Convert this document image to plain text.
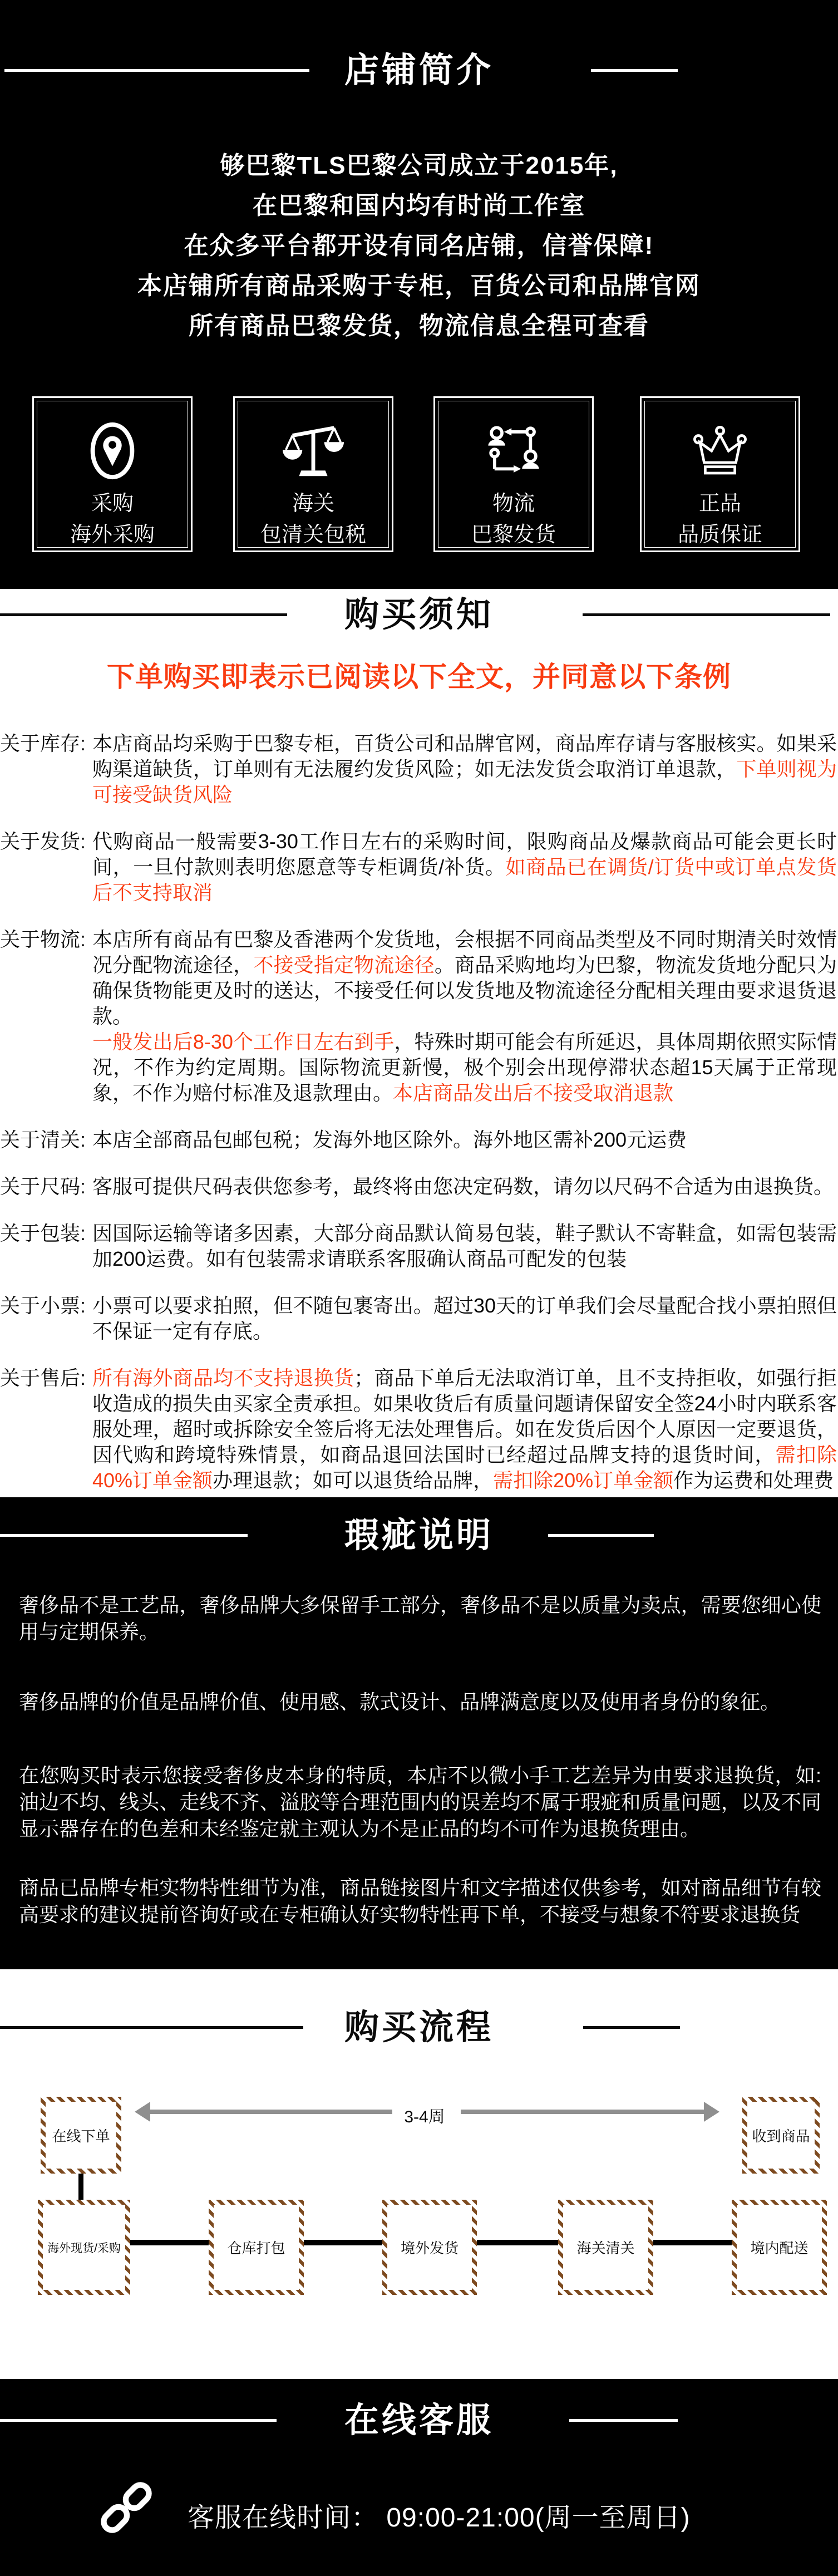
店铺简介
够巴黎TLS巴黎公司成立于2015年,
在巴黎和国内均有时尚工作室
在众多平台都开设有同名店铺，信誉保障!
本店铺所有商品采购于专柜，百货公司和品牌官网
所有商品巴黎发货，物流信息全程可查看
采购
海外采购
海关
包清关包税
物流
巴黎发货
正品
品质保证
购买须知
下单购买即表示已阅读以下全文，并同意以下条例
关于库存: 本店商品均采购于巴黎专柜，百货公司和品牌官网，商品库存请与客服核实。如果采购渠道缺货，订单则有无法履约发货风险；如无法发货会取消订单退款，下单则视为可接受缺货风险
关于发货: 代购商品一般需要3-30工作日左右的采购时间，限购商品及爆款商品可能会更长时间，一旦付款则表明您愿意等专柜调货/补货。如商品已在调货/订货中或订单点发货后不支持取消
关于物流: 本店所有商品有巴黎及香港两个发货地，会根据不同商品类型及不同时期清关时效情况分配物流途径，不接受指定物流途径。商品采购地均为巴黎，物流发货地分配只为确保货物能更及时的送达，不接受任何以发货地及物流途径分配相关理由要求退货退款。
一般发出后8-30个工作日左右到手，特殊时期可能会有所延迟，具体周期依照实际情况，不作为约定周期。国际物流更新慢，极个别会出现停滞状态超15天属于正常现象，不作为赔付标准及退款理由。本店商品发出后不接受取消退款
关于清关: 本店全部商品包邮包税；发海外地区除外。海外地区需补200元运费
关于尺码: 客服可提供尺码表供您参考，最终将由您决定码数，请勿以尺码不合适为由退换货。
关于包装: 因国际运输等诸多因素，大部分商品默认简易包装，鞋子默认不寄鞋盒，如需包装需加200运费。如有包装需求请联系客服确认商品可配发的包装
关于小票: 小票可以要求拍照，但不随包裹寄出。超过30天的订单我们会尽量配合找小票拍照但不保证一定有存底。
关于售后: 所有海外商品均不支持退换货；商品下单后无法取消订单，且不支持拒收，如强行拒收造成的损失由买家全责承担。如果收货后有质量问题请保留安全签24小时内联系客服处理，超时或拆除安全签后将无法处理售后。如在发货后因个人原因一定要退货，因代购和跨境特殊情景，如商品退回法国时已经超过品牌支持的退货时间，需扣除40%订单金额办理退款；如可以退货给品牌，需扣除20%订单金额作为运费和处理费
瑕疵说明

奢侈品不是工艺品，奢侈品牌大多保留手工部分，奢侈品不是以质量为卖点，需要您细心使用与定期保养。

奢侈品牌的价值是品牌价值、使用感、款式设计、品牌满意度以及使用者身份的象征。

在您购买时表示您接受奢侈皮本身的特质，本店不以微小手工艺差异为由要求退换货，如:油边不均、线头、走线不齐、溢胶等合理范围内的误差均不属于瑕疵和质量问题，以及不同显示器存在的色差和未经鉴定就主观认为不是正品的均不可作为退换货理由。

商品已品牌专柜实物特性细节为准，商品链接图片和文字描述仅供参考，如对商品细节有较高要求的建议提前咨询好或在专柜确认好实物特性再下单，不接受与想象不符要求退换货

购买流程
在线下单	收到商品
3-4周
海外现货/采购	仓库打包	境外发货	海关清关	境内配送
在线客服
客服在线时间： 09:00-21:00(周一至周日)
